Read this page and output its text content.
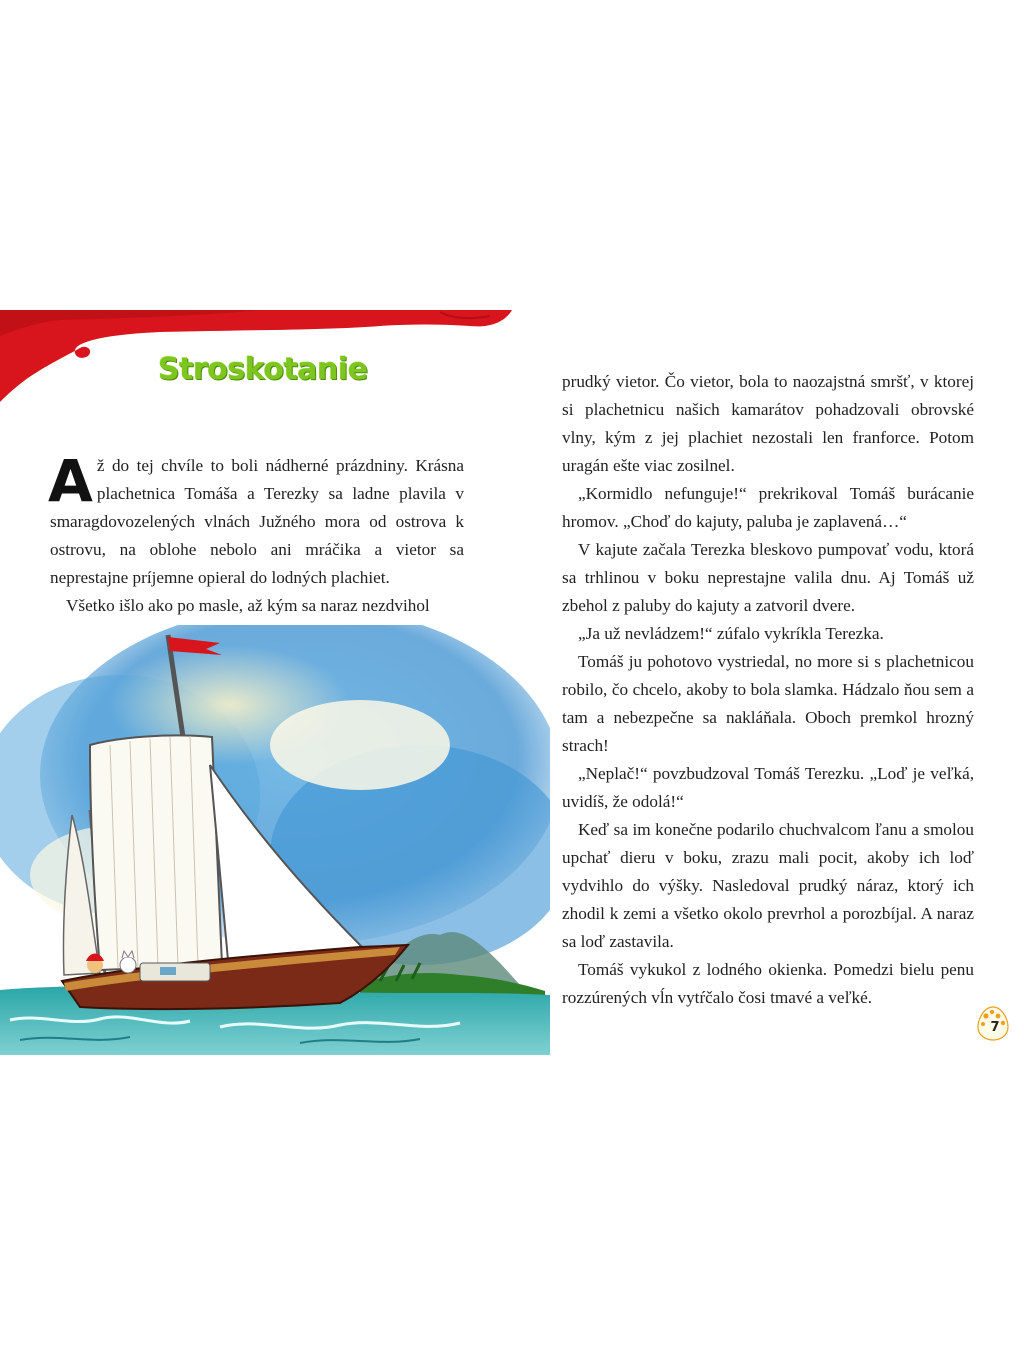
Stroskotanie

Až do tej chvíle to boli nádherné prázdniny. Krásna plachetnica Tomáša a Terezky sa ladne plavila v smaragdovozelených vlnách Južného mora od ostrova k ostrovu, na oblohe nebolo ani mráčika a vietor sa neprestajne príjemne opieral do lodných plachiet.

Všetko išlo ako po masle, až kým sa naraz nezdvihol

prudký vietor. Čo vietor, bola to naozajstná smršť, v ktorej si plachetnicu našich kamarátov pohadzovali obrovské vlny, kým z jej plachiet nezostali len franforce. Potom uragán ešte viac zosilnel.

„Kormidlo nefunguje!“ prekrikoval Tomáš burácanie hromov. „Choď do kajuty, paluba je zaplavená…“

V kajute začala Terezka bleskovo pumpovať vodu, ktorá sa trhlinou v boku neprestajne valila dnu. Aj Tomáš už zbehol z paluby do kajuty a zatvoril dvere.

„Ja už nevládzem!“ zúfalo vykríkla Terezka.

Tomáš ju pohotovo vystriedal, no more si s plachetnicou robilo, čo chcelo, akoby to bola slamka. Hádzalo ňou sem a tam a nebezpečne sa nakláňala. Oboch premkol hrozný strach!

„Neplač!“ povzbudzoval Tomáš Terezku. „Loď je veľká, uvidíš, že odolá!“

Keď sa im konečne podarilo chuchvalcom ľanu a smolou upchať dieru v boku, zrazu mali pocit, akoby ich loď vydvihlo do výšky. Nasledoval prudký náraz, ktorý ich zhodil k zemi a všetko okolo prevrhol a porozbíjal. A naraz sa loď zastavila.

Tomáš vykukol z lodného okienka. Pomedzi bielu penu rozzúrených vĺn vytŕčalo čosi tmavé a veľké.

7
